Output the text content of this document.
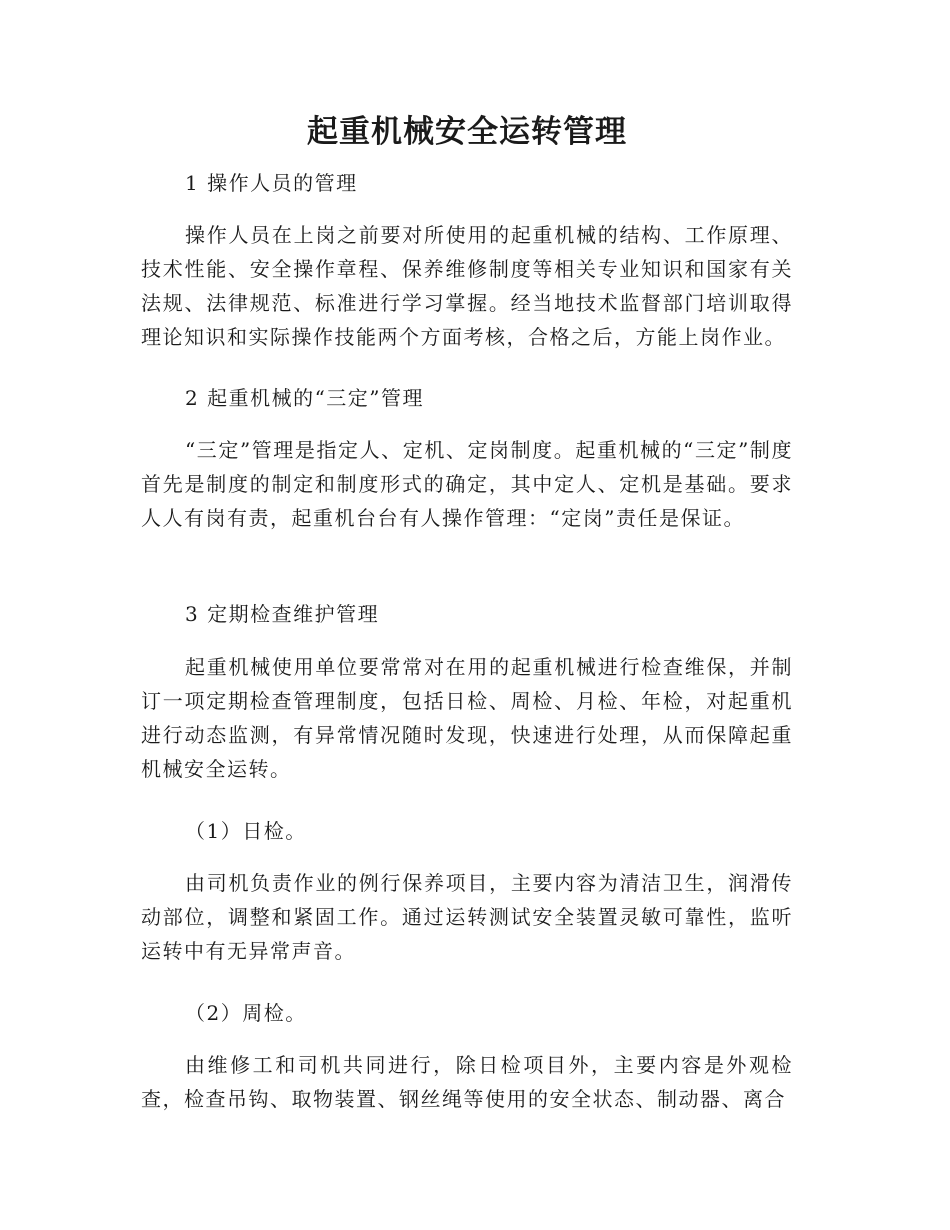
起重机械安全运转管理

1 操作人员的管理

操作人员在上岗之前要对所使用的起重机械的结构、工作原理、技术性能、安全操作章程、保养维修制度等相关专业知识和国家有关法规、法律规范、标准进行学习掌握。经当地技术监督部门培训取得理论知识和实际操作技能两个方面考核，合格之后，方能上岗作业。

2 起重机械的“三定”管理

“三定”管理是指定人、定机、定岗制度。起重机械的“三定”制度首先是制度的制定和制度形式的确定，其中定人、定机是基础。要求人人有岗有责，起重机台台有人操作管理：“定岗”责任是保证。

3 定期检查维护管理

起重机械使用单位要常常对在用的起重机械进行检查维保，并制订一项定期检查管理制度，包括日检、周检、月检、年检，对起重机进行动态监测，有异常情况随时发现，快速进行处理，从而保障起重机械安全运转。

（1）日检。

由司机负责作业的例行保养项目，主要内容为清洁卫生，润滑传动部位，调整和紧固工作。通过运转测试安全装置灵敏可靠性，监听运转中有无异常声音。

（2）周检。

由维修工和司机共同进行，除日检项目外，主要内容是外观检查，检查吊钩、取物装置、钢丝绳等使用的安全状态、制动器、离合
